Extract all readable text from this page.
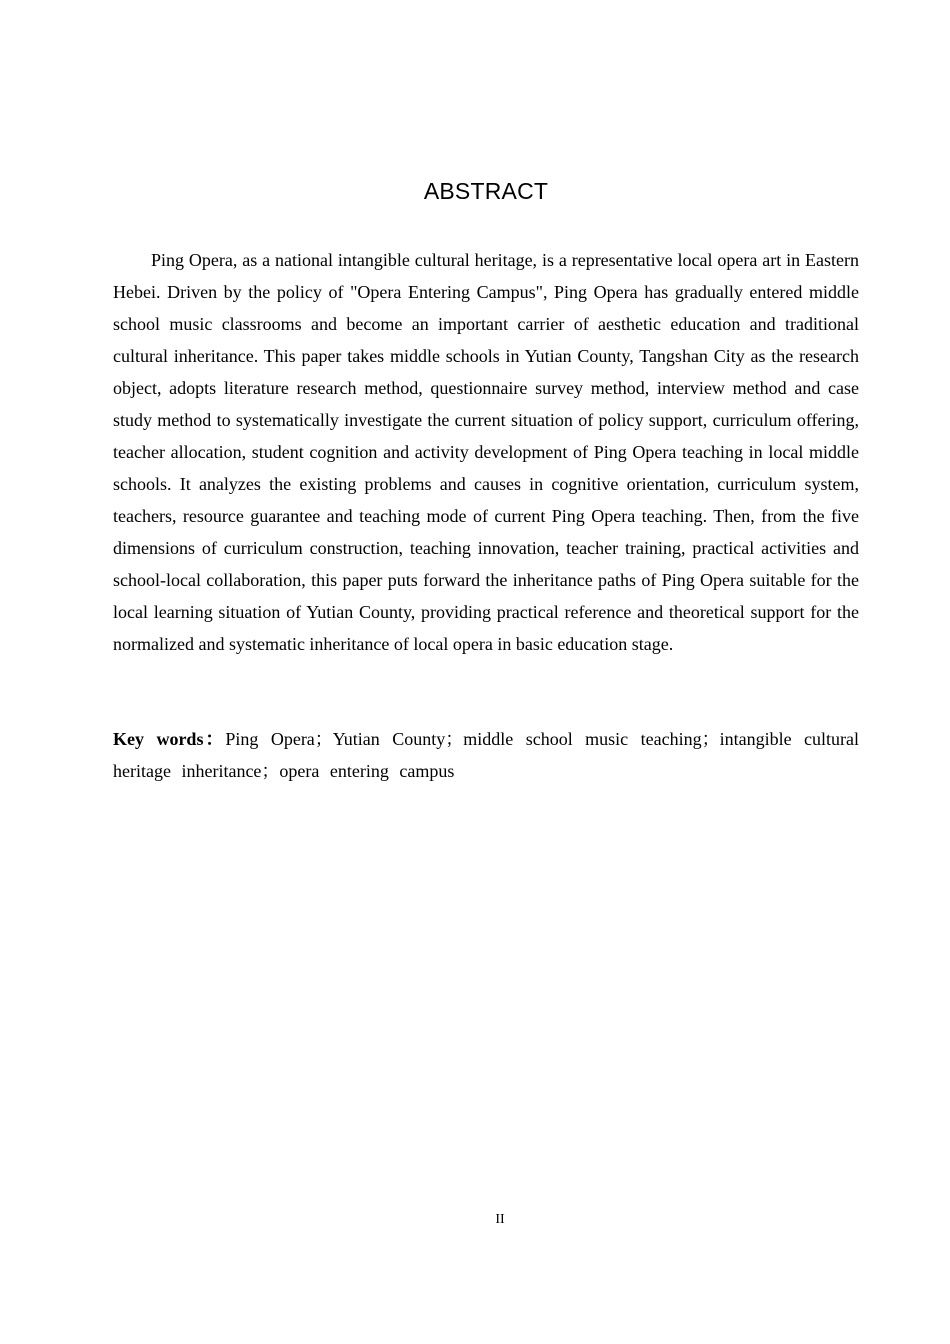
ABSTRACT

Ping Opera, as a national intangible cultural heritage, is a representative local opera art in Eastern Hebei. Driven by the policy of "Opera Entering Campus", Ping Opera has gradually entered middle school music classrooms and become an important carrier of aesthetic education and traditional cultural inheritance. This paper takes middle schools in Yutian County, Tangshan City as the research object, adopts literature research method, questionnaire survey method, interview method and case study method to systematically investigate the current situation of policy support, curriculum offering, teacher allocation, student cognition and activity development of Ping Opera teaching in local middle schools. It analyzes the existing problems and causes in cognitive orientation, curriculum system, teachers, resource guarantee and teaching mode of current Ping Opera teaching. Then, from the five dimensions of curriculum construction, teaching innovation, teacher training, practical activities and school-local collaboration, this paper puts forward the inheritance paths of Ping Opera suitable for the local learning situation of Yutian County, providing practical reference and theoretical support for the normalized and systematic inheritance of local opera in basic education stage.

Key words：Ping Opera；Yutian County；middle school music teaching；intangible cultural heritage inheritance；opera entering campus

II
